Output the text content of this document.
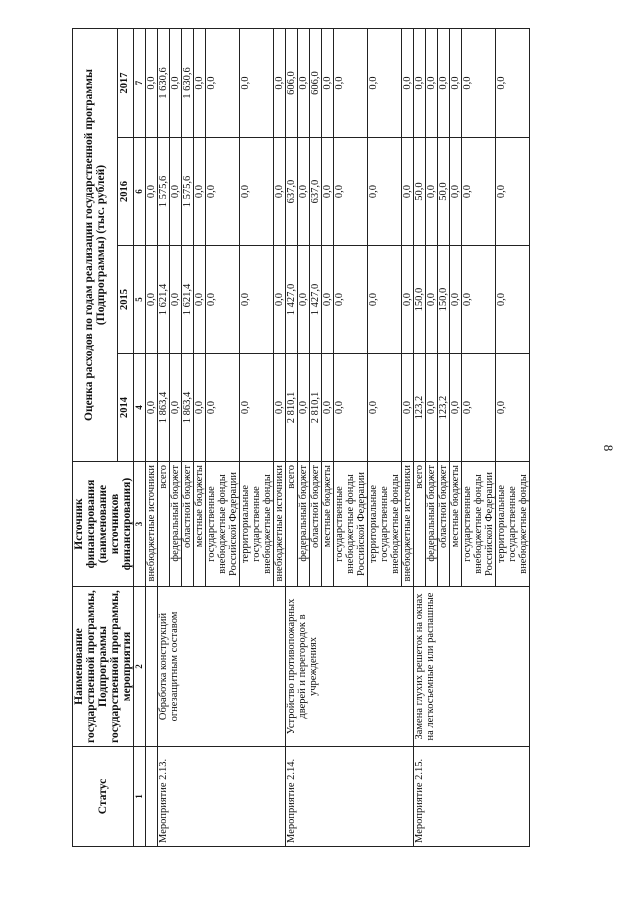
8
Статус	Наименование государственной программы, Подпрограммы государственной программы, мероприятия	Источник финансирования (наименование источников финансирования)	Оценка расходов по годам реализации государственной программы (Подпрограммы) (тыс. рублей)			
			2014	2015	2016	2017
1	2	3	4	5	6	7
		внебюджетные источники	0,0	0,0	0,0	0,0
Мероприятие 2.13.	Обработка конструкций огнезащитным составом	всего	1 863,4	1 621,4	1 575,6	1 630,6
		федеральный бюджет	0,0	0,0	0,0	0,0
		областной бюджет	1 863,4	1 621,4	1 575,6	1 630,6
		местные бюджеты	0,0	0,0	0,0	0,0
		государственные внебюджетные фонды Российской Федерации	0,0	0,0	0,0	0,0
		территориальные государственные внебюджетные фонды	0,0	0,0	0,0	0,0
		внебюджетные источники	0,0	0,0	0,0	0,0
Мероприятие 2.14.	Устройство противопожарных дверей и перегородок в учреждениях	всего	2 810,1	1 427,0	637,0	606,0
		федеральный бюджет	0,0	0,0	0,0	0,0
		областной бюджет	2 810,1	1 427,0	637,0	606,0
		местные бюджеты	0,0	0,0	0,0	0,0
		государственные внебюджетные фонды Российской Федерации	0,0	0,0	0,0	0,0
		территориальные государственные внебюджетные фонды	0,0	0,0	0,0	0,0
		внебюджетные источники	0,0	0,0	0,0	0,0
Мероприятие 2.15.	Замена глухих решеток на окнах на легкосъемные или распашные	всего	123,2	150,0	50,0	0,0
		федеральный бюджет	0,0	0,0	0,0	0,0
		областной бюджет	123,2	150,0	50,0	0,0
		местные бюджеты	0,0	0,0	0,0	0,0
		государственные внебюджетные фонды Российской Федерации	0,0	0,0	0,0	0,0
		территориальные государственные внебюджетные фонды	0,0	0,0	0,0	0,0
